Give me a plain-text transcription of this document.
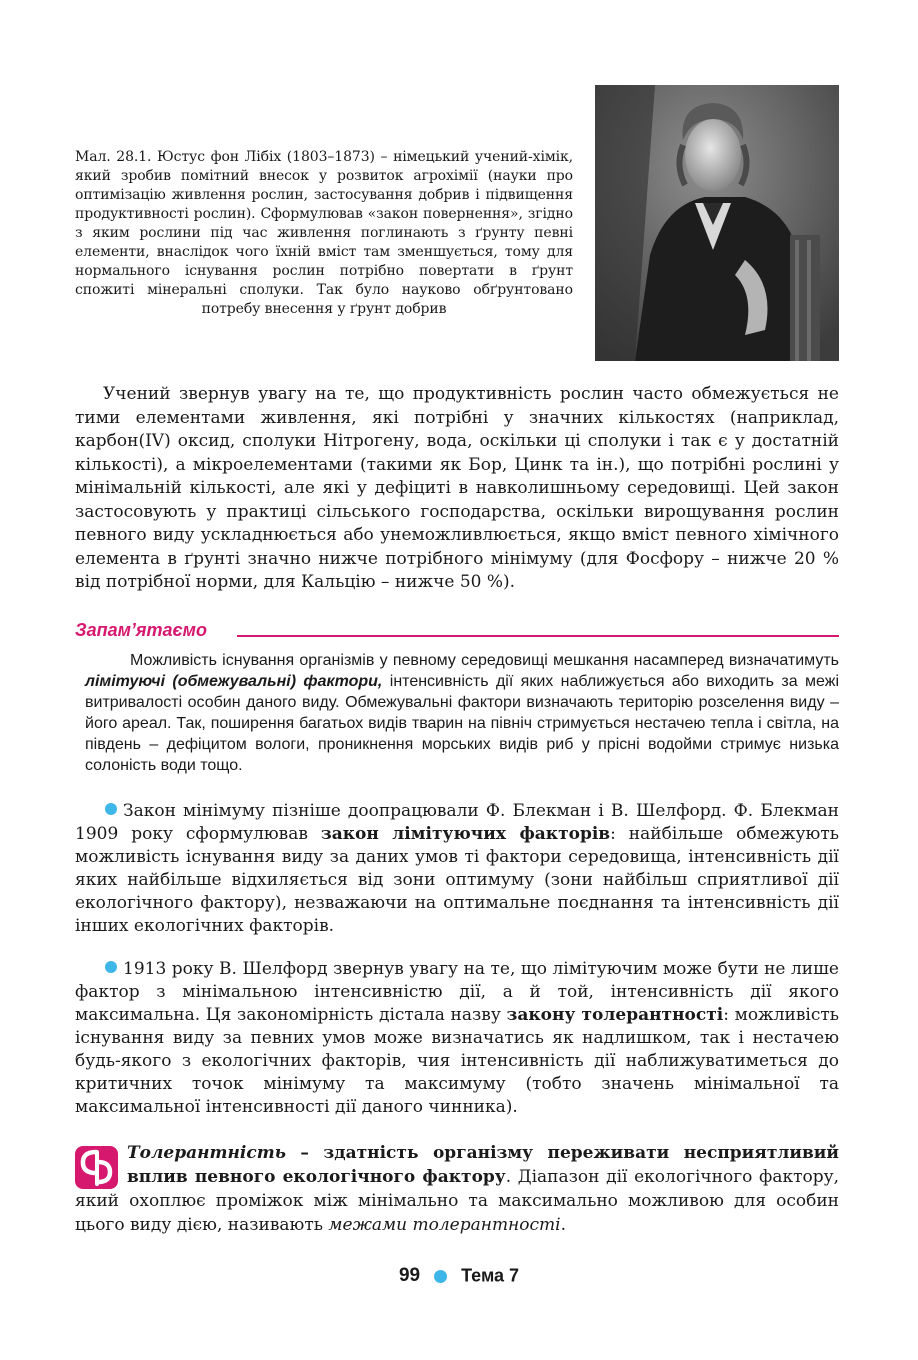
Мал. 28.1. Юстус фон Лібіх (1803–1873) – німецький учений-хімік, який зробив помітний внесок у розвиток агрохімії (науки про оптимізацію живлення рослин, застосування добрив і підвищення продуктивності рослин). Сформулював «закон повернення», згідно з яким рослини під час живлення поглинають з ґрунту певні елементи, внаслідок чого їхній вміст там зменшується, тому для нормального існування рослин потрібно повертати в ґрунт спожиті мінеральні сполуки. Так було науково обґрунтовано потребу внесення у ґрунт добрив
Учений звернув увагу на те, що продуктивність рослин часто обмежується не тими елементами живлення, які потрібні у значних кількостях (наприклад, карбон(IV) оксид, сполуки Нітрогену, вода, оскільки ці сполуки і так є у достатній кількості), а мікроелементами (такими як Бор, Цинк та ін.), що потрібні рослині у мінімальній кількості, але які у дефіциті в навколишньому середовищі. Цей закон застосовують у практиці сільського господарства, оскільки вирощування рослин певного виду ускладнюється або унеможливлюється, якщо вміст певного хімічного елемента в ґрунті значно нижче потрібного мінімуму (для Фосфору – нижче 20 % від потрібної норми, для Кальцію – нижче 50 %).
Запам’ятаємо
Можливість існування організмів у певному середовищі мешкання насамперед визначатимуть лімітуючі (обмежувальні) фактори, інтенсивність дії яких наближується або виходить за межі витривалості особин даного виду. Обмежувальні фактори визначають територію розселення виду – його ареал. Так, поширення багатьох видів тварин на північ стримується нестачею тепла і світла, на південь – дефіцитом вологи, проникнення морських видів риб у прісні водойми стримує низька солоність води тощо.
Закон мінімуму пізніше доопрацювали Ф. Блекман і В. Шелфорд. Ф. Блекман 1909 року сформулював закон лімітуючих факторів: найбільше обмежують можливість існування виду за даних умов ті фактори середовища, інтенсивність дії яких найбільше відхиляється від зони оптимуму (зони найбільш сприятливої дії екологічного фактору), незважаючи на оптимальне поєднання та інтенсивність дії інших екологічних факторів.
1913 року В. Шелфорд звернув увагу на те, що лімітуючим може бути не лише фактор з мінімальною інтенсивністю дії, а й той, інтенсивність дії якого максимальна. Ця закономірність дістала назву закону толерантності: можливість існування виду за певних умов може визначатись як надлишком, так і нестачею будь-якого з екологічних факторів, чия інтенсивність дії наближуватиметься до критичних точок мінімуму та максимуму (тобто значень мінімальної та максимальної інтенсивності дії даного чинника).
Толерантність – здатність організму переживати несприятливий вплив певного екологічного фактору. Діапазон дії екологічного фактору, який охоплює проміжок між мінімально та максимально можливою для особин цього виду дією, називають межами толерантності.
99 Тема 7
